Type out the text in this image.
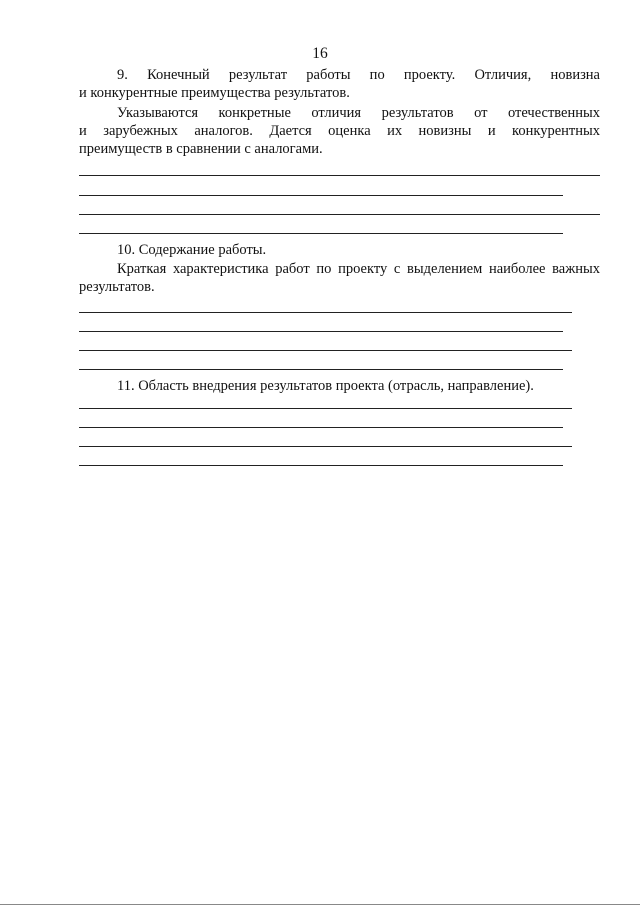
16
9. Конечный результат работы по проекту. Отличия, новизна
и конкурентные преимущества результатов.
Указываются конкретные отличия результатов от отечественных
и зарубежных аналогов. Дается оценка их новизны и конкурентных
преимуществ в сравнении с аналогами.
10. Содержание работы.
Краткая характеристика работ по проекту с выделением наиболее важных
результатов.
11. Область внедрения результатов проекта (отрасль, направление).
